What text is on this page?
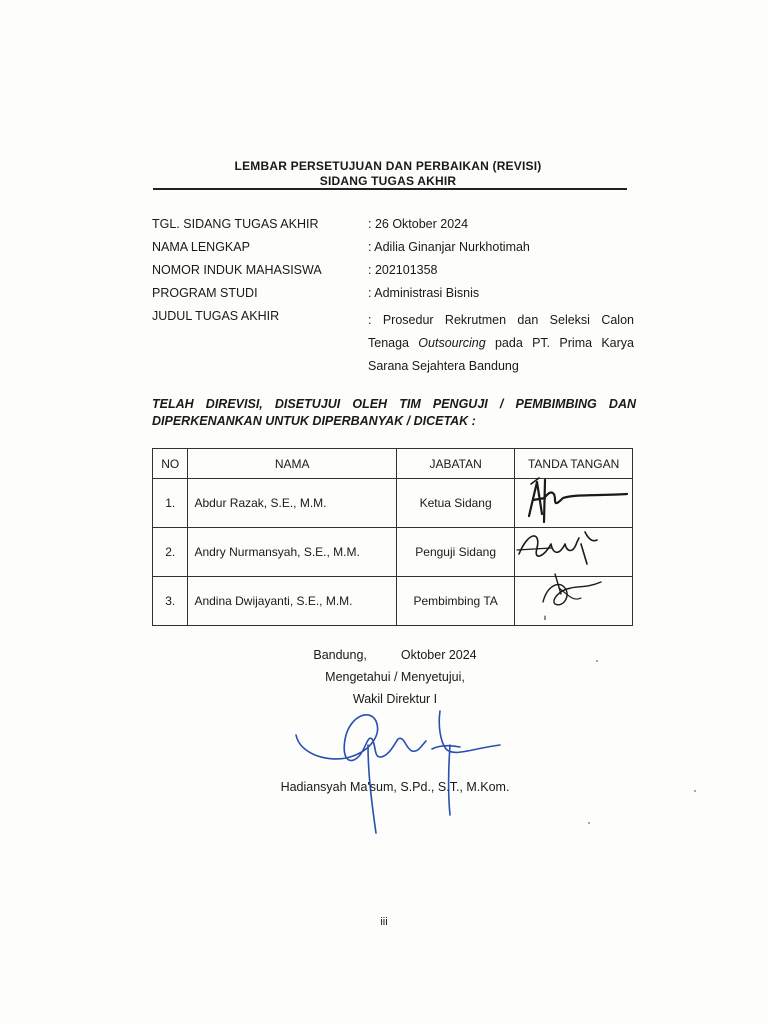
LEMBAR PERSETUJUAN DAN PERBAIKAN (REVISI)
SIDANG TUGAS AKHIR
TGL. SIDANG TUGAS AKHIR	: 26 Oktober 2024
NAMA LENGKAP	: Adilia Ginanjar Nurkhotimah
NOMOR INDUK MAHASISWA	: 202101358
PROGRAM STUDI	: Administrasi Bisnis
JUDUL TUGAS AKHIR	: Prosedur Rekrutmen dan Seleksi Calon
Tenaga Outsourcing pada PT. Prima Karya
Sarana Sejahtera Bandung
TELAH DIREVISI, DISETUJUI OLEH TIM PENGUJI / PEMBIMBING DAN
DIPERKENANKAN UNTUK DIPERBANYAK / DICETAK :
NO	NAMA	JABATAN	TANDA TANGAN
1.	Abdur Razak, S.E., M.M.	Ketua Sidang	
2.	Andry Nurmansyah, S.E., M.M.	Penguji Sidang	
3.	Andina Dwijayanti, S.E., M.M.	Pembimbing TA	
Bandung,	Oktober 2024
Mengetahui / Menyetujui,
Wakil Direktur I
Hadiansyah Ma'sum, S.Pd., S.T., M.Kom.
iii
